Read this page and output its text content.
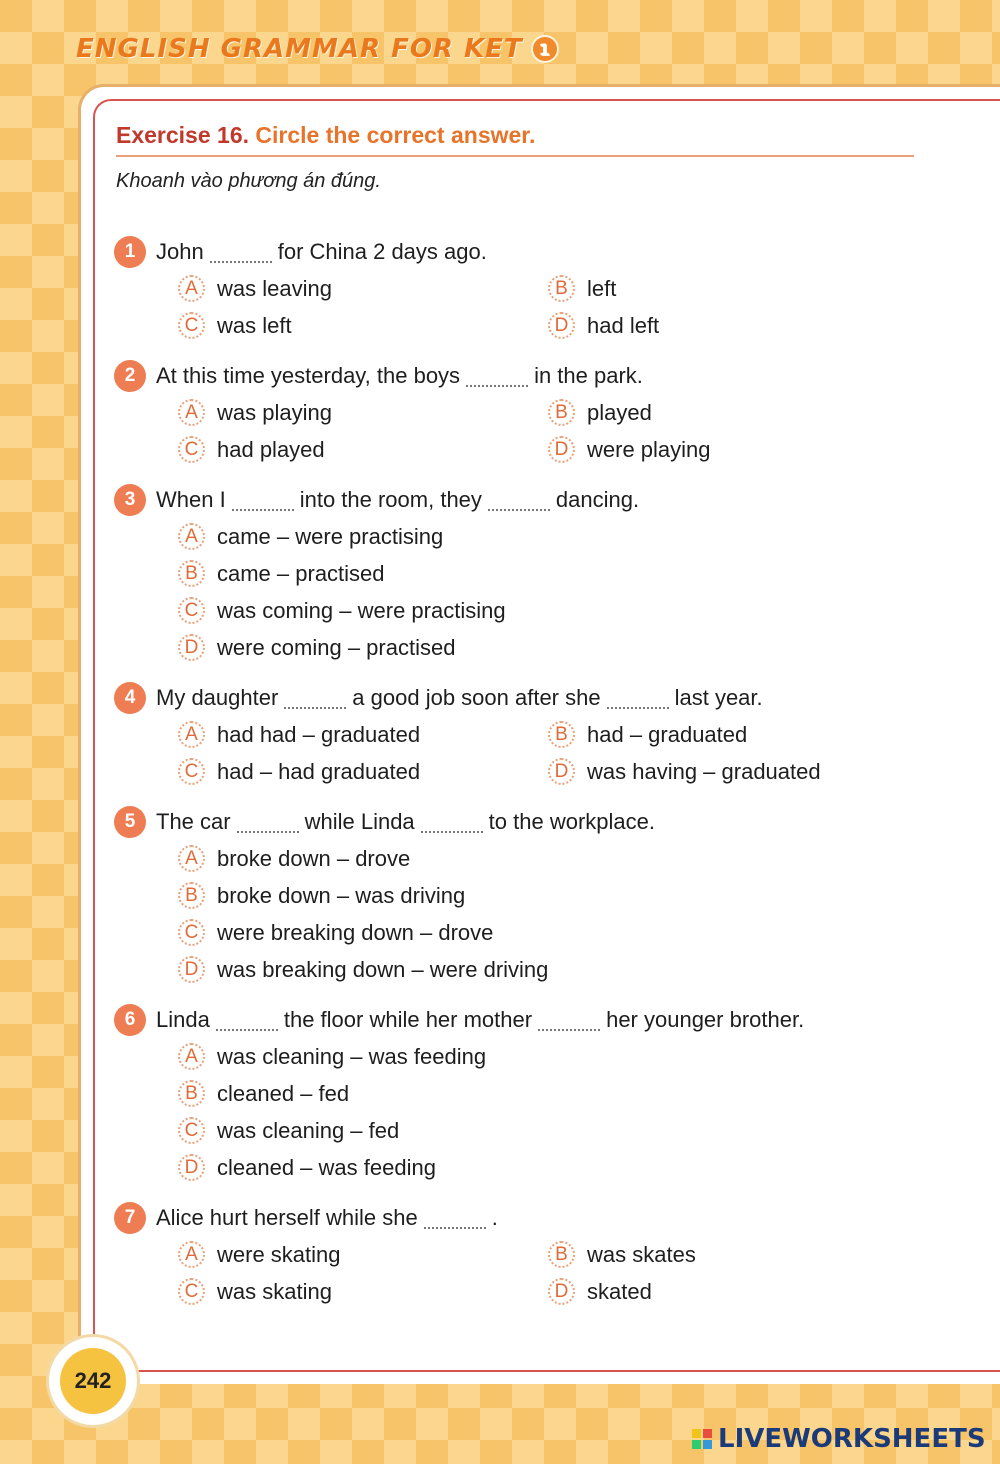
ENGLISH GRAMMAR FOR KET 1
Exercise 16. Circle the correct answer.
Khoanh vào phương án đúng.
1 John	for China 2 days ago.
A was leaving	B left
C was left	D had left
2 At this time yesterday, the boys	in the park.
A was playing	B played
C had played	D were playing
3 When I	into the room, they	dancing.
A came – were practising
B came – practised
C was coming – were practising
D were coming – practised
4 My daughter	a good job soon after she	last year.
A had had – graduated	B had – graduated
C had – had graduated	D was having – graduated
5 The car	while Linda	to the workplace.
A broke down – drove
B broke down – was driving
C were breaking down – drove
D was breaking down – were driving
6 Linda	the floor while her mother	her younger brother.
A was cleaning – was feeding
B cleaned – fed
C was cleaning – fed
D cleaned – was feeding
7 Alice hurt herself while she	.
A were skating	B was skates
C was skating	D skated
242
LIVEWORKSHEETS
